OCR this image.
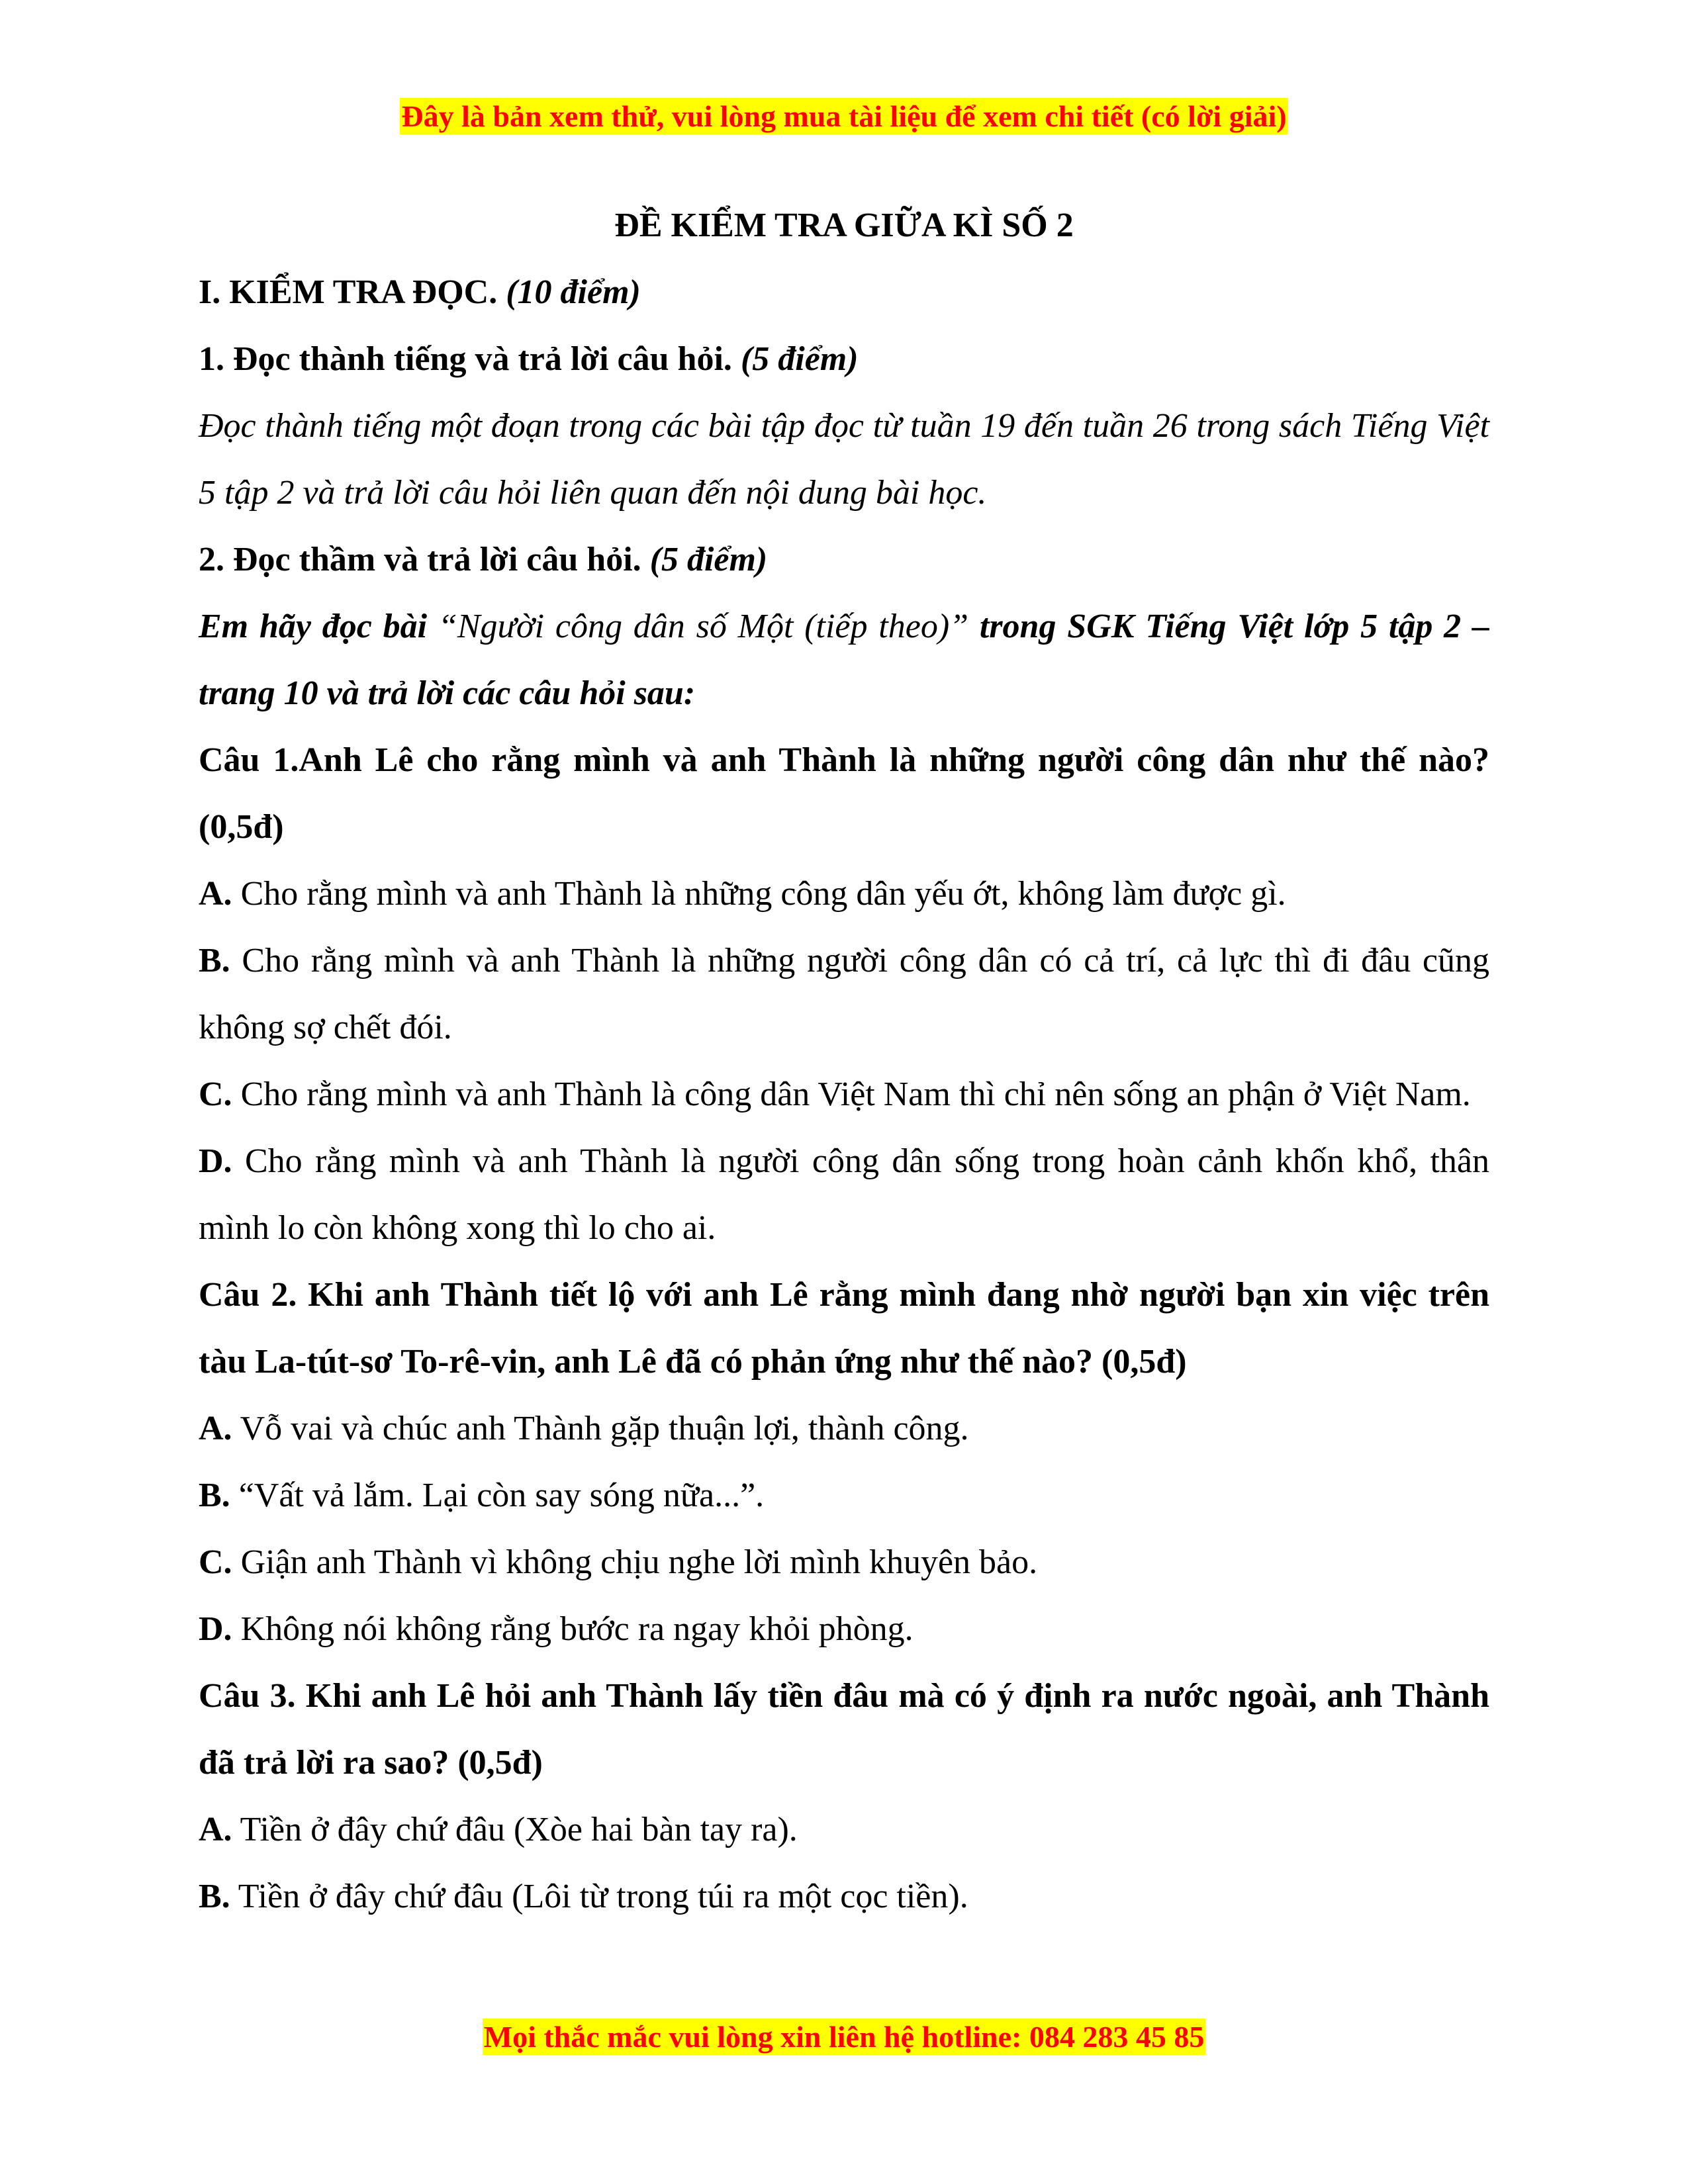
Đây là bản xem thử, vui lòng mua tài liệu để xem chi tiết (có lời giải)

ĐỀ KIỂM TRA GIỮA KÌ SỐ 2

I. KIỂM TRA ĐỌC. (10 điểm)

1. Đọc thành tiếng và trả lời câu hỏi. (5 điểm)

Đọc thành tiếng một đoạn trong các bài tập đọc từ tuần 19 đến tuần 26 trong sách Tiếng Việt 5 tập 2 và trả lời câu hỏi liên quan đến nội dung bài học.

2. Đọc thầm và trả lời câu hỏi. (5 điểm)

Em hãy đọc bài “Người công dân số Một (tiếp theo)” trong SGK Tiếng Việt lớp 5 tập 2 – trang 10 và trả lời các câu hỏi sau:

Câu 1.Anh Lê cho rằng mình và anh Thành là những người công dân như thế nào? (0,5đ)

A. Cho rằng mình và anh Thành là những công dân yếu ớt, không làm được gì.

B. Cho rằng mình và anh Thành là những người công dân có cả trí, cả lực thì đi đâu cũng không sợ chết đói.

C. Cho rằng mình và anh Thành là công dân Việt Nam thì chỉ nên sống an phận ở Việt Nam.

D. Cho rằng mình và anh Thành là người công dân sống trong hoàn cảnh khốn khổ, thân mình lo còn không xong thì lo cho ai.

Câu 2. Khi anh Thành tiết lộ với anh Lê rằng mình đang nhờ người bạn xin việc trên tàu La-tút-sơ To-rê-vin, anh Lê đã có phản ứng như thế nào? (0,5đ)

A. Vỗ vai và chúc anh Thành gặp thuận lợi, thành công.

B. “Vất vả lắm. Lại còn say sóng nữa...”.

C. Giận anh Thành vì không chịu nghe lời mình khuyên bảo.

D. Không nói không rằng bước ra ngay khỏi phòng.

Câu 3. Khi anh Lê hỏi anh Thành lấy tiền đâu mà có ý định ra nước ngoài, anh Thành đã trả lời ra sao? (0,5đ)

A. Tiền ở đây chứ đâu (Xòe hai bàn tay ra).

B. Tiền ở đây chứ đâu (Lôi từ trong túi ra một cọc tiền).

Mọi thắc mắc vui lòng xin liên hệ hotline: 084 283 45 85
